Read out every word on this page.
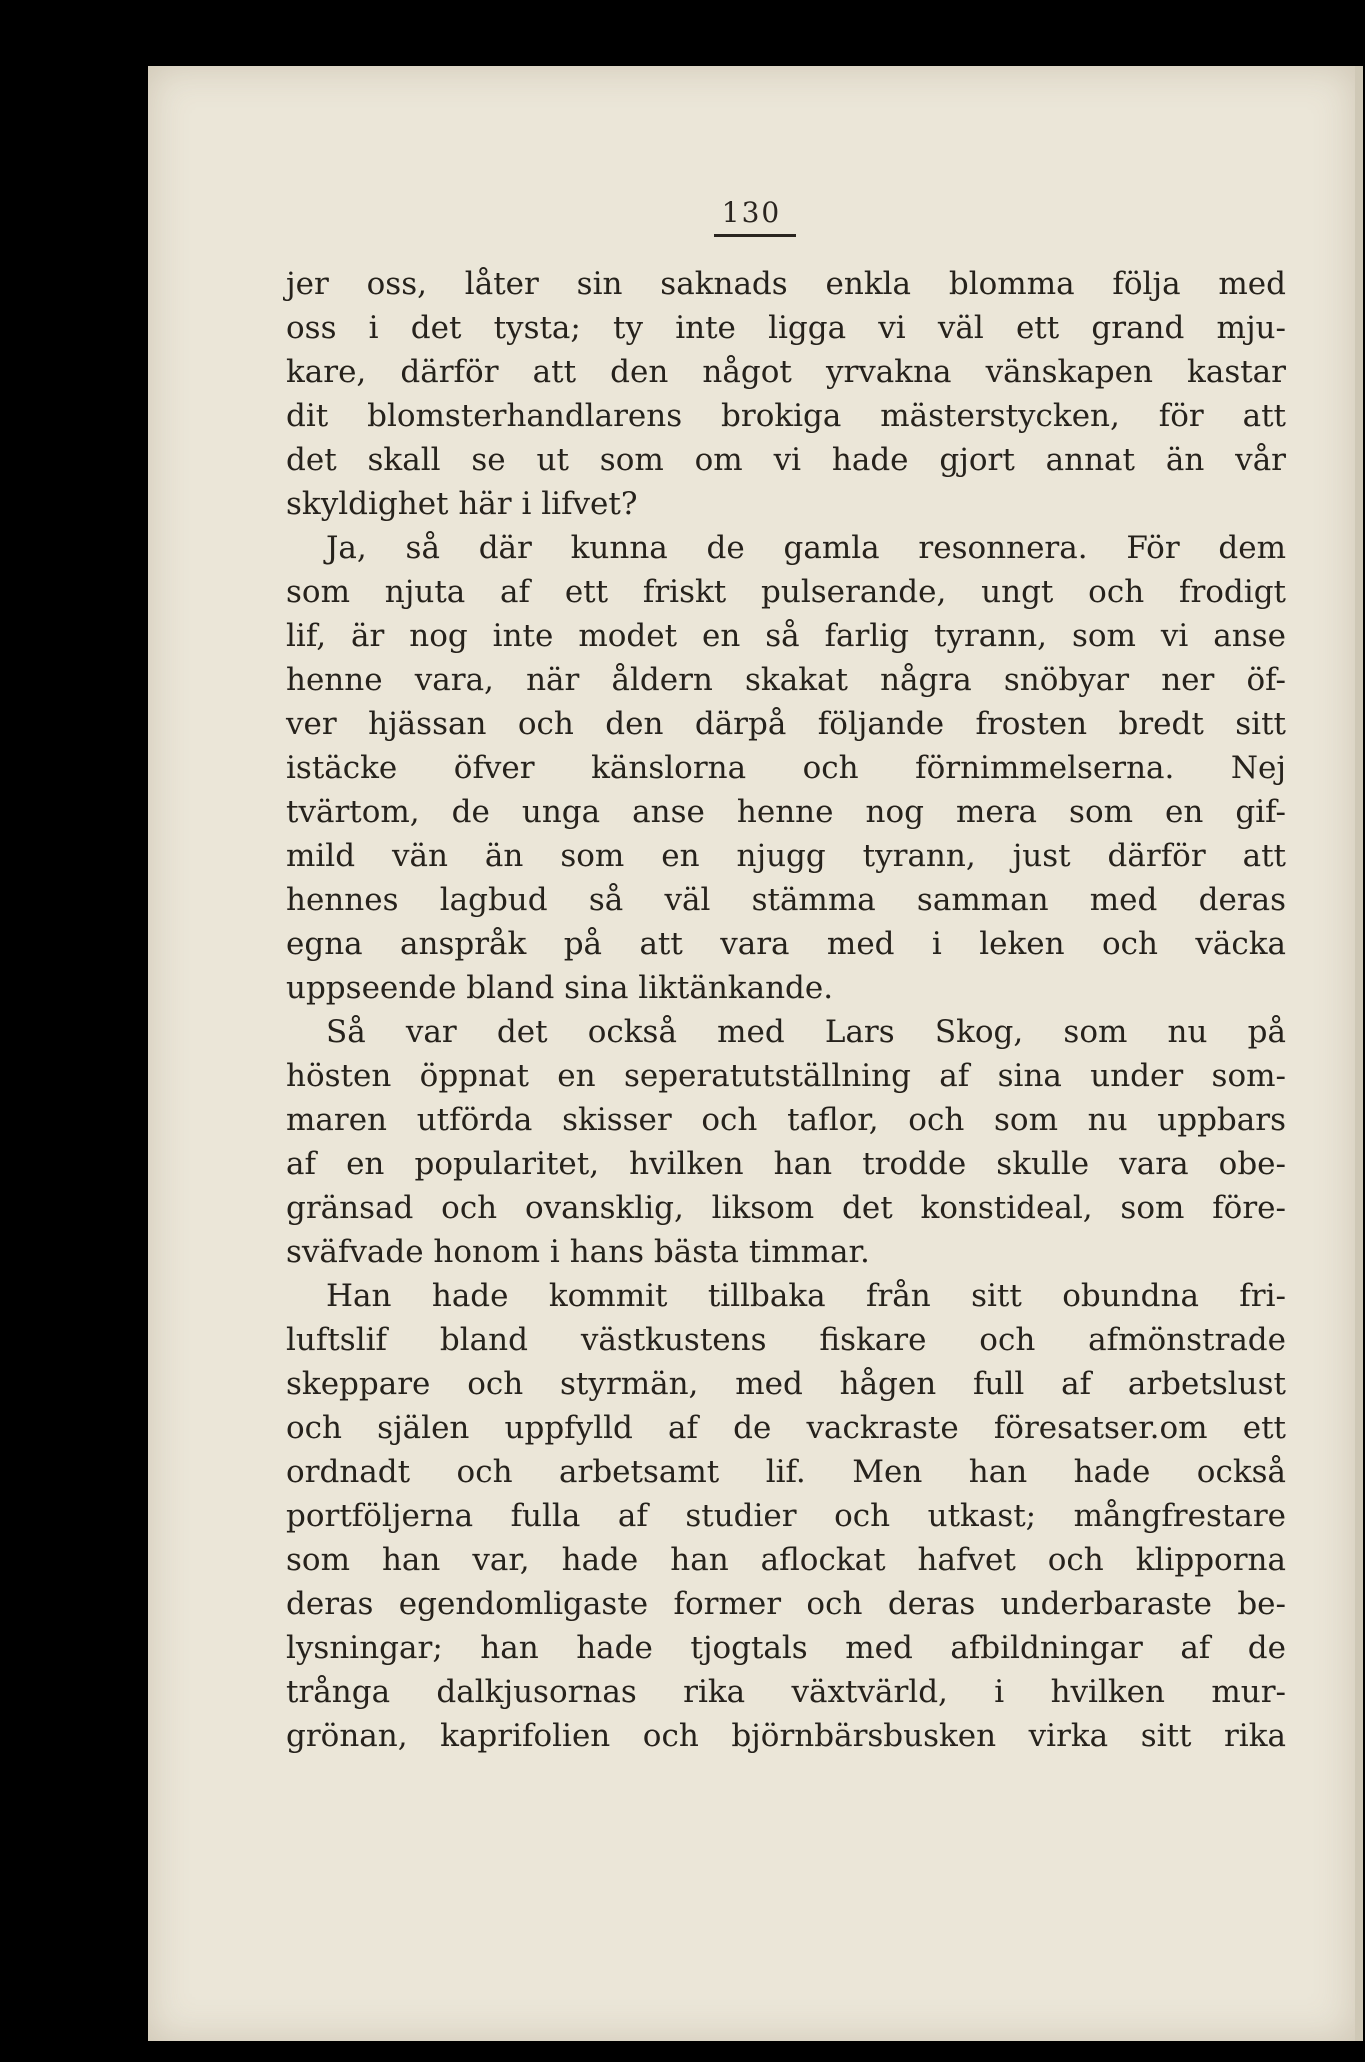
130
jer oss, låter sin saknads enkla blomma följa med
oss i det tysta; ty inte ligga vi väl ett grand mju-
kare, därför att den något yrvakna vänskapen kastar
dit blomsterhandlarens brokiga mästerstycken, för att
det skall se ut som om vi hade gjort annat än vår
skyldighet här i lifvet?
Ja, så där kunna de gamla resonnera. För dem
som njuta af ett friskt pulserande, ungt och frodigt
lif, är nog inte modet en så farlig tyrann, som vi anse
henne vara, när åldern skakat några snöbyar ner öf-
ver hjässan och den därpå följande frosten bredt sitt
istäcke öfver känslorna och förnimmelserna. Nej
tvärtom, de unga anse henne nog mera som en gif-
mild vän än som en njugg tyrann, just därför att
hennes lagbud så väl stämma samman med deras
egna anspråk på att vara med i leken och väcka
uppseende bland sina liktänkande.
Så var det också med Lars Skog, som nu på
hösten öppnat en seperatutställning af sina under som-
maren utförda skisser och taflor, och som nu uppbars
af en popularitet, hvilken han trodde skulle vara obe-
gränsad och ovansklig, liksom det konstideal, som före-
sväfvade honom i hans bästa timmar.
Han hade kommit tillbaka från sitt obundna fri-
luftslif bland västkustens fiskare och afmönstrade
skeppare och styrmän, med hågen full af arbetslust
och själen uppfylld af de vackraste föresatser.om ett
ordnadt och arbetsamt lif. Men han hade också
portföljerna fulla af studier och utkast; mångfrestare
som han var, hade han aflockat hafvet och klipporna
deras egendomligaste former och deras underbaraste be-
lysningar; han hade tjogtals med afbildningar af de
trånga dalkjusornas rika växtvärld, i hvilken mur-
grönan, kaprifolien och björnbärsbusken virka sitt rika
